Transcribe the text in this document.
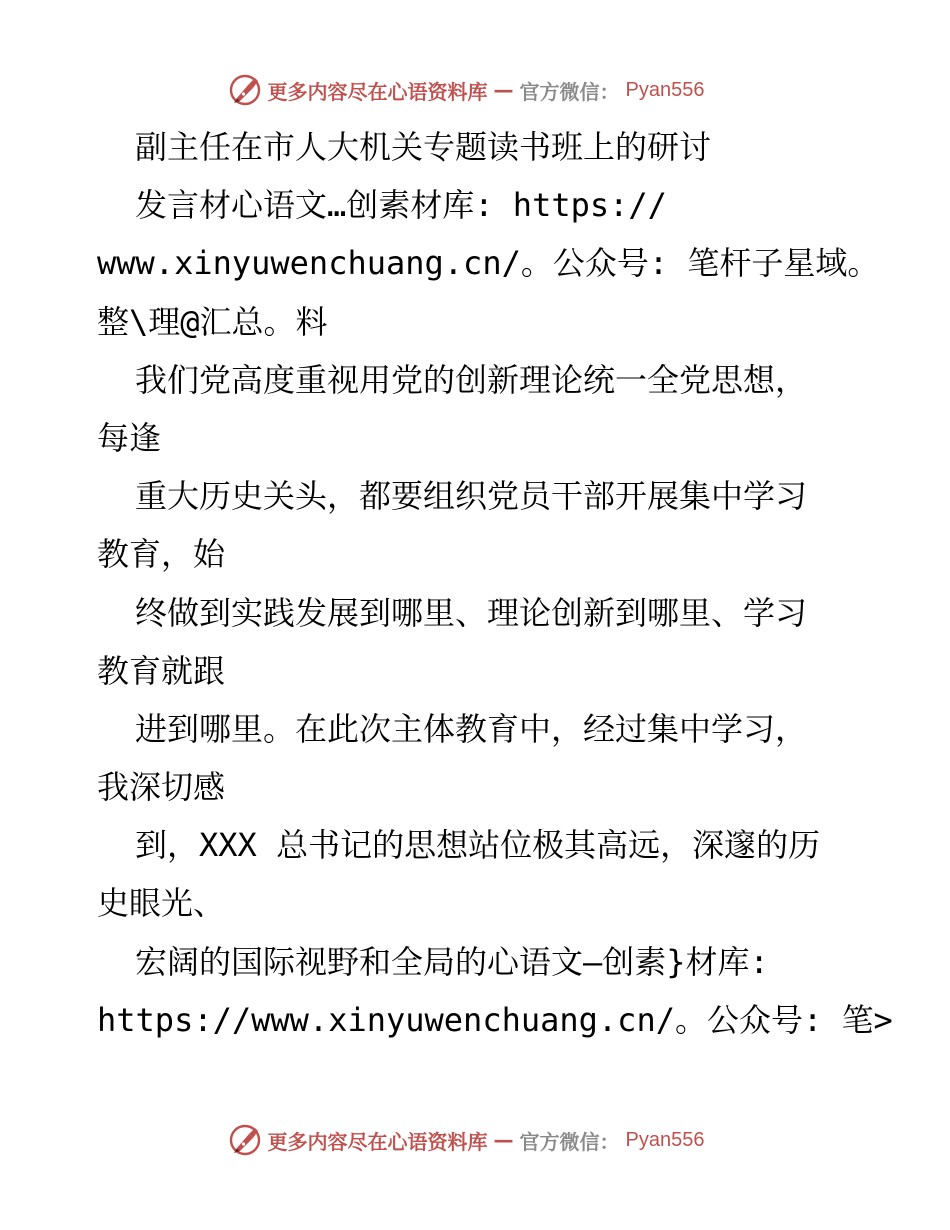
更多内容尽在心语资料库 — 官方微信： Pyan556
副主任在市人大机关专题读书班上的研讨
发言材心语文…创素材库: https://
www.xinyuwenchuang.cn/。公众号: 笔杆子星域。
整\理@汇总。料
我们党高度重视用党的创新理论统一全党思想，
每逢
重大历史关头，都要组织党员干部开展集中学习
教育，始
终做到实践发展到哪里、理论创新到哪里、学习
教育就跟
进到哪里。在此次主体教育中，经过集中学习，
我深切感
到，XXX 总书记的思想站位极其高远，深邃的历
史眼光、
宏阔的国际视野和全局的心语文—创素}材库:
https://www.xinyuwenchuang.cn/。公众号: 笔>
更多内容尽在心语资料库 — 官方微信： Pyan556
